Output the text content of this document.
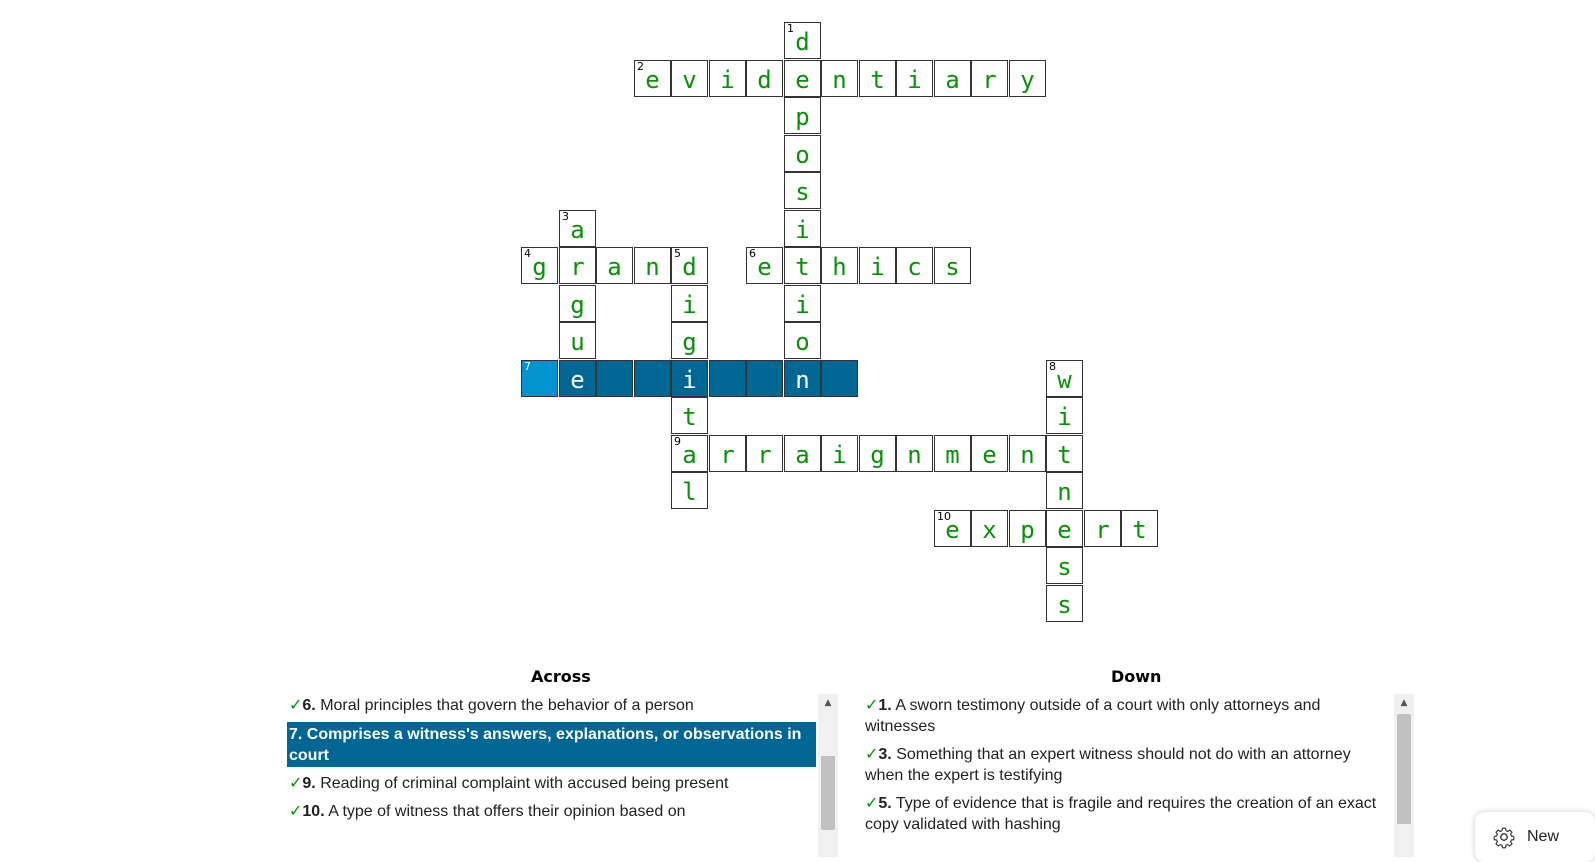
1 d
2 e v i d e n t i a r y
p
o
s
3 a	i
4 g r a n 5 d	6 e t h i c s
g	i	i
u	g	o
7 e	i	n	8 w
t	i
9 a r r a i g n m e n t
l	n
10
e x p e r t
s
s
Across	Down
✓6. Moral principles that govern the behavior of a person
7. Comprises a witness's answers, explanations, or observations in court
✓9. Reading of criminal complaint with accused being present
✓10. A type of witness that offers their opinion based on
▲	✓1. A sworn testimony outside of a court with only attorneys and witnesses
✓3. Something that an expert witness should not do with an attorney when the expert is testifying
✓5. Type of evidence that is fragile and requires the creation of an exact copy validated with hashing
▲
New
